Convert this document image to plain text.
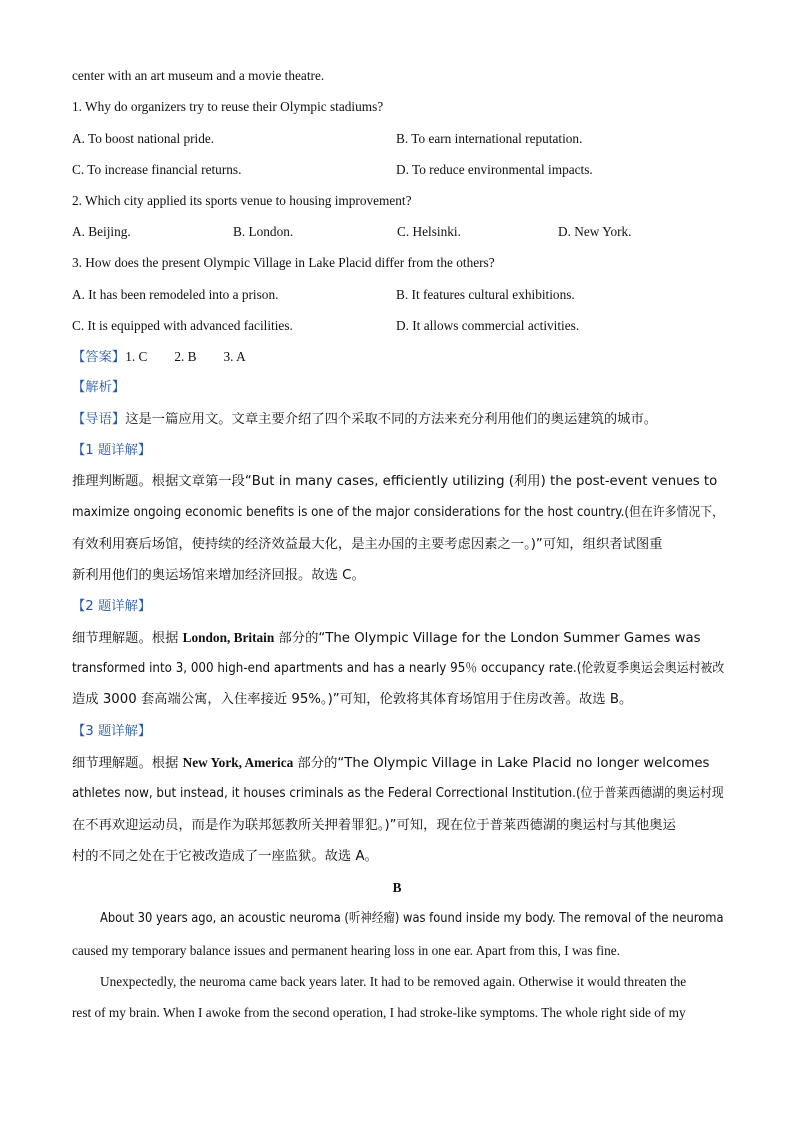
center with an art museum and a movie theatre.
1. Why do organizers try to reuse their Olympic stadiums?
A. To boost national pride.	B. To earn international reputation.
C. To increase financial returns.	D. To reduce environmental impacts.
2. Which city applied its sports venue to housing improvement?
A. Beijing.	B. London.	C. Helsinki.	D. New York.
3. How does the present Olympic Village in Lake Placid differ from the others?
A. It has been remodeled into a prison.	B. It features cultural exhibitions.
C. It is equipped with advanced facilities.	D. It allows commercial activities.
【答案】1. C 2. B 3. A
【解析】
【导语】这是一篇应用文。文章主要介绍了四个采取不同的方法来充分利用他们的奥运建筑的城市。
【1 题详解】
推理判断题。根据文章第一段“But in many cases, efficiently utilizing (利用) the post-event venues to
maximize ongoing economic benefits is one of the major considerations for the host country.(但在许多情况下，
有效利用赛后场馆，使持续的经济效益最大化，是主办国的主要考虑因素之一。)”可知，组织者试图重
新利用他们的奥运场馆来增加经济回报。故选 C。
【2 题详解】
细节理解题。根据 London, Britain 部分的“The Olympic Village for the London Summer Games was
transformed into 3, 000 high-end apartments and has a nearly 95％ occupancy rate.(伦敦夏季奥运会奥运村被改
造成 3000 套高端公寓，入住率接近 95%。)”可知，伦敦将其体育场馆用于住房改善。故选 B。
【3 题详解】
细节理解题。根据 New York, America 部分的“The Olympic Village in Lake Placid no longer welcomes
athletes now, but instead, it houses criminals as the Federal Correctional Institution.(位于普莱西德湖的奥运村现
在不再欢迎运动员，而是作为联邦惩教所关押着罪犯。)”可知，现在位于普莱西德湖的奥运村与其他奥运
村的不同之处在于它被改造成了一座监狱。故选 A。
B
About 30 years ago, an acoustic neuroma (听神经瘤) was found inside my body. The removal of the neuroma
caused my temporary balance issues and permanent hearing loss in one ear. Apart from this, I was fine.
Unexpectedly, the neuroma came back years later. It had to be removed again. Otherwise it would threaten the
rest of my brain. When I awoke from the second operation, I had stroke-like symptoms. The whole right side of my
